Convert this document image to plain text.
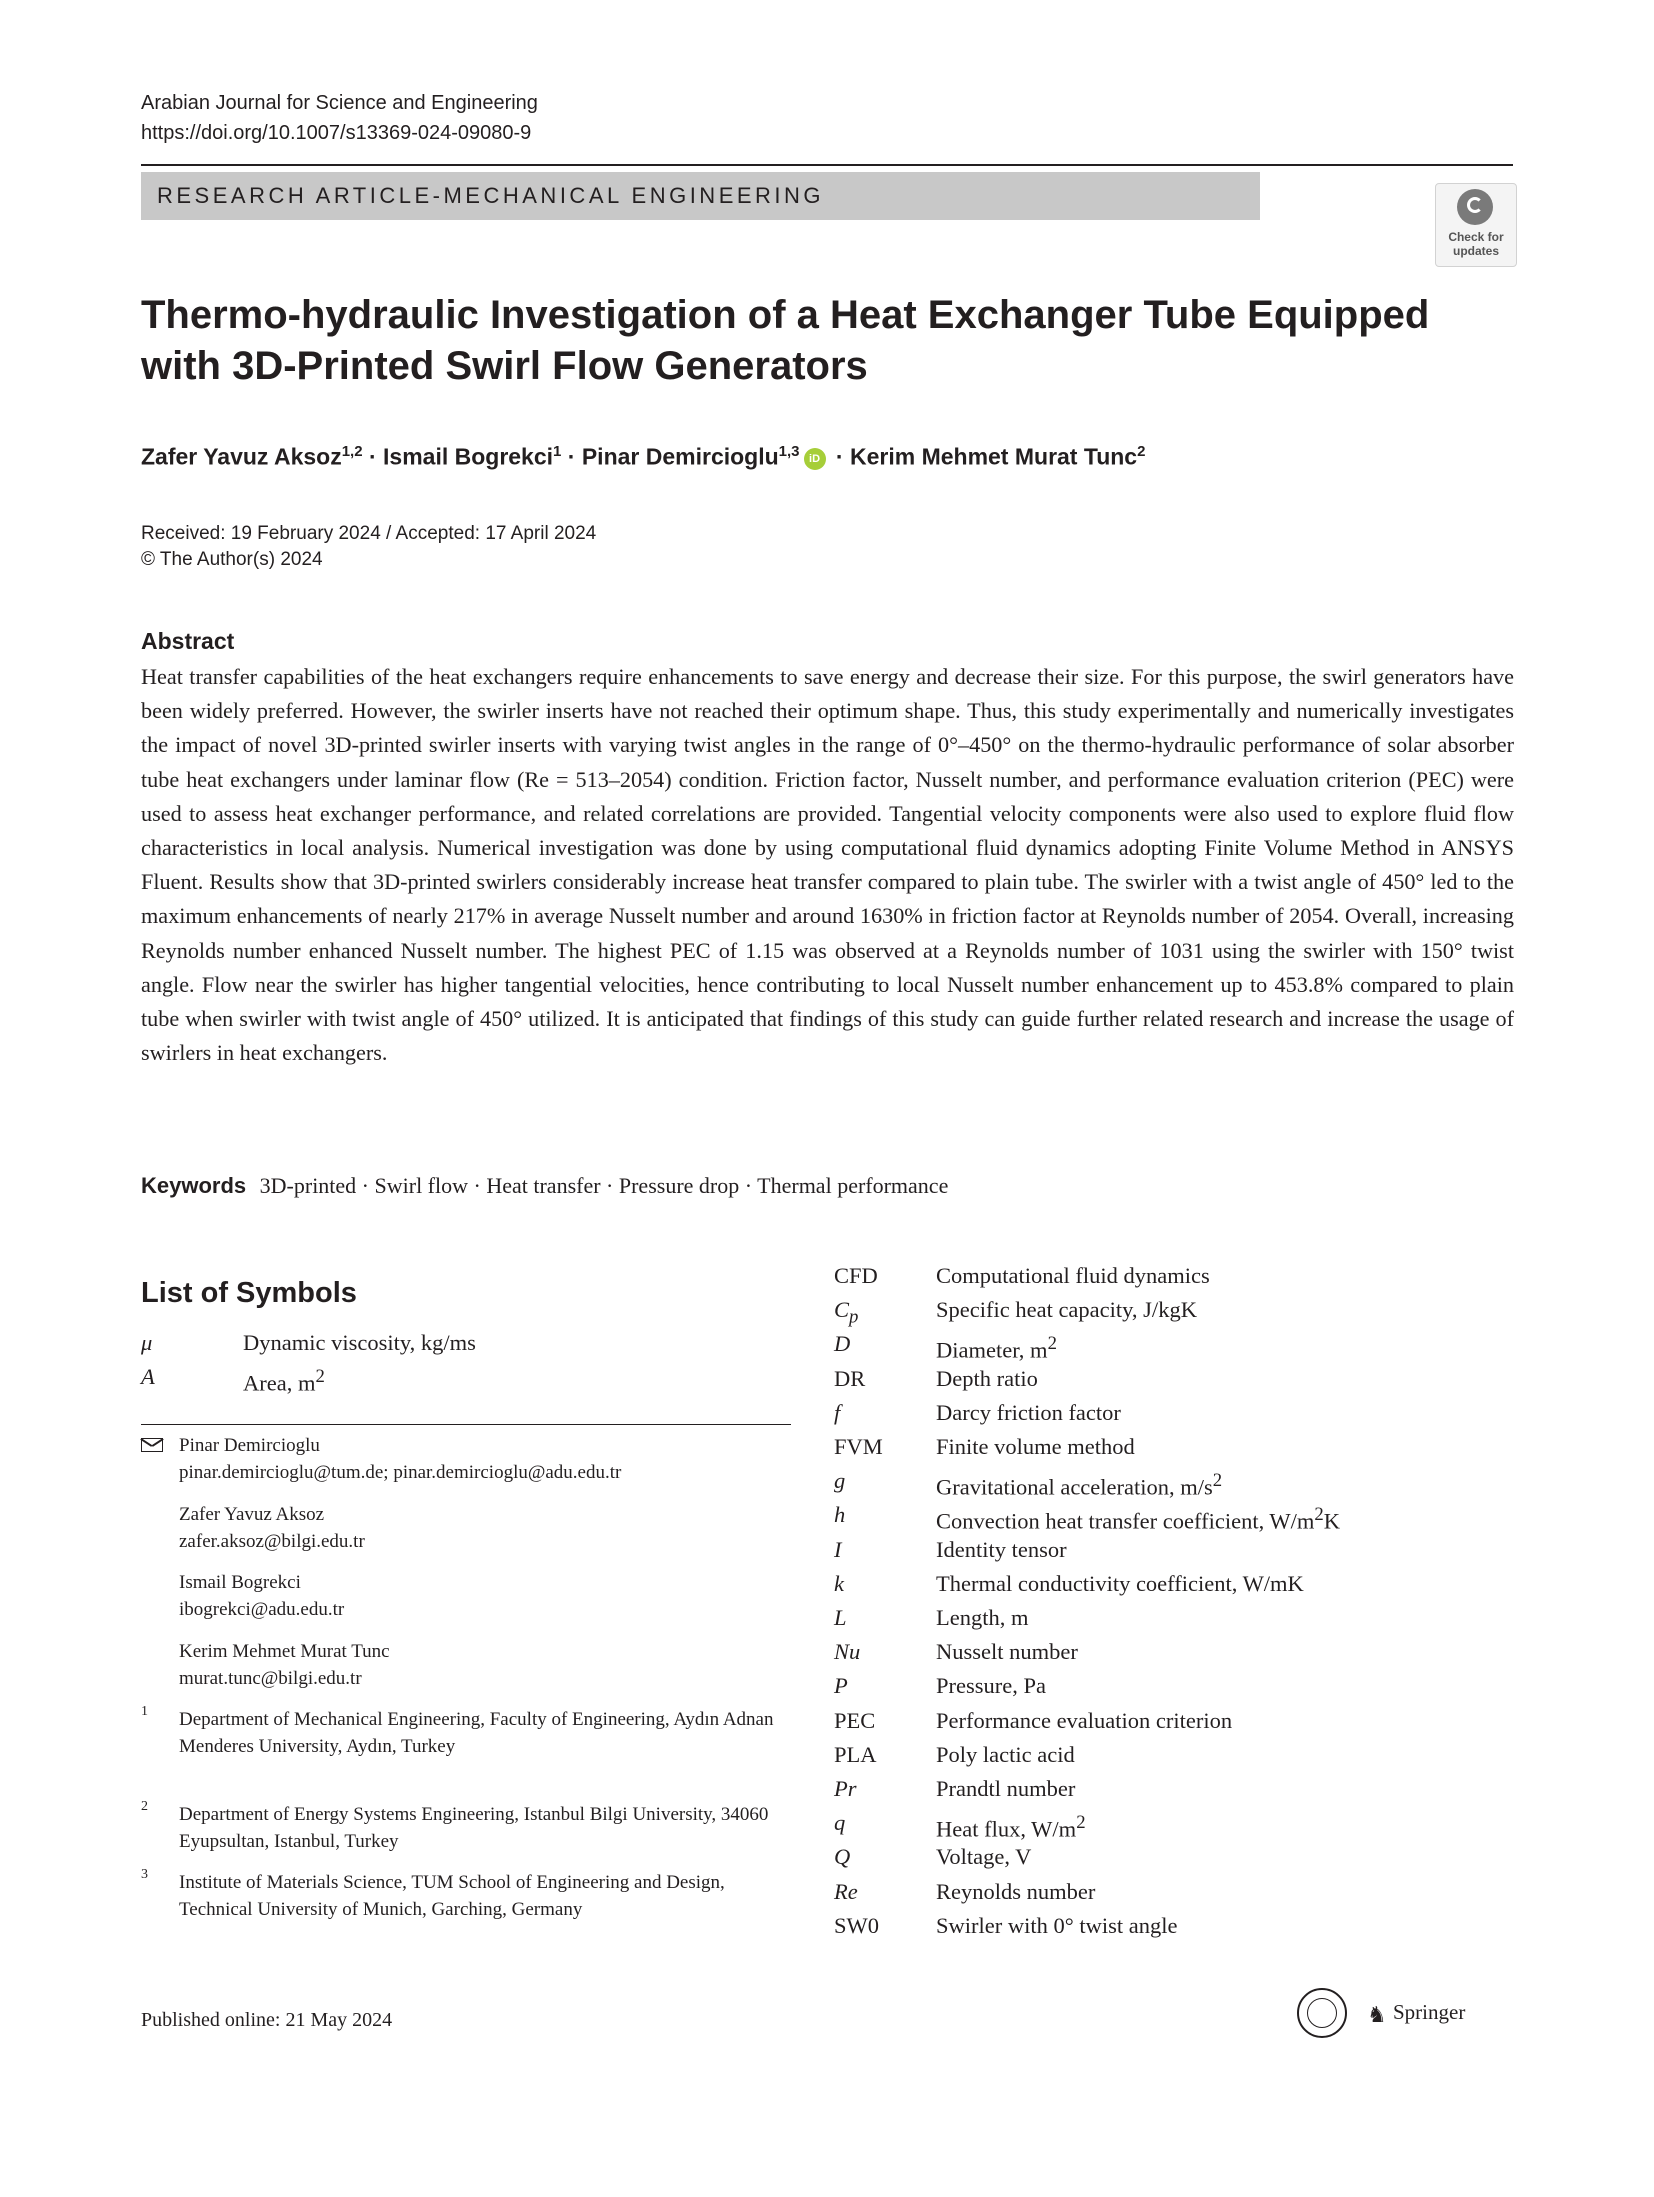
Arabian Journal for Science and Engineering
https://doi.org/10.1007/s13369-024-09080-9
RESEARCH ARTICLE-MECHANICAL ENGINEERING
Check for updates
Thermo-hydraulic Investigation of a Heat Exchanger Tube Equipped
with 3D-Printed Swirl Flow Generators
Zafer Yavuz Aksoz$^{1,2}$ · Ismail Bogrekci$^1$ · Pinar Demircioglu$^{1,3}$ iD · Kerim Mehmet Murat Tunc$^2$
Received: 19 February 2024 / Accepted: 17 April 2024
© The Author(s) 2024
Abstract
Heat transfer capabilities of the heat exchangers require enhancements to save energy and decrease their size. For this purpose, the swirl generators have been widely preferred. However, the swirler inserts have not reached their optimum shape. Thus, this study experimentally and numerically investigates the impact of novel 3D-printed swirler inserts with varying twist angles in the range of 0°–450° on the thermo-hydraulic performance of solar absorber tube heat exchangers under laminar flow (Re = 513–2054) condition. Friction factor, Nusselt number, and performance evaluation criterion (PEC) were used to assess heat exchanger performance, and related correlations are provided. Tangential velocity components were also used to explore fluid flow characteristics in local analysis. Numerical investigation was done by using computational fluid dynamics adopting Finite Volume Method in ANSYS Fluent. Results show that 3D-printed swirlers considerably increase heat transfer compared to plain tube. The swirler with a twist angle of 450° led to the maximum enhancements of nearly 217% in average Nusselt number and around 1630% in friction factor at Reynolds number of 2054. Overall, increasing Reynolds number enhanced Nusselt number. The highest PEC of 1.15 was observed at a Reynolds number of 1031 using the swirler with 150° twist angle. Flow near the swirler has higher tangential velocities, hence contributing to local Nusselt number enhancement up to 453.8% compared to plain tube when swirler with twist angle of 450° utilized. It is anticipated that findings of this study can guide further related research and increase the usage of swirlers in heat exchangers.
Keywords 3D-printed · Swirl flow · Heat transfer · Pressure drop · Thermal performance
List of Symbols
μ	Dynamic viscosity, kg/ms
A	Area, $m^2$
CFD	Computational fluid dynamics
$C_p$	Specific heat capacity, J/kgK
D	Diameter, $m^2$
DR	Depth ratio
f	Darcy friction factor
FVM Finite volume method
g	Gravitational acceleration, $m/s^2$
h	Convection heat transfer coefficient, $W/m^2K$
I	Identity tensor
k	Thermal conductivity coefficient, W/mK
L	Length, m
Nu	Nusselt number
P	Pressure, Pa
PEC	Performance evaluation criterion
PLA	Poly lactic acid
Pr	Prandtl number
q	Heat flux, $W/m^2$
Q	Voltage, V
Re	Reynolds number
SW0	Swirler with 0° twist angle
Pinar Demircioglu
pinar.demircioglu@tum.de; pinar.demircioglu@adu.edu.tr
Zafer Yavuz Aksoz
zafer.aksoz@bilgi.edu.tr
Ismail Bogrekci
ibogrekci@adu.edu.tr
Kerim Mehmet Murat Tunc
murat.tunc@bilgi.edu.tr
1 Department of Mechanical Engineering, Faculty of Engineering, Aydın Adnan Menderes University, Aydın, Turkey
2 Department of Energy Systems Engineering, Istanbul Bilgi University, 34060 Eyupsultan, Istanbul, Turkey
3 Institute of Materials Science, TUM School of Engineering and Design, Technical University of Munich, Garching, Germany
Published online: 21 May 2024	♞ Springer
